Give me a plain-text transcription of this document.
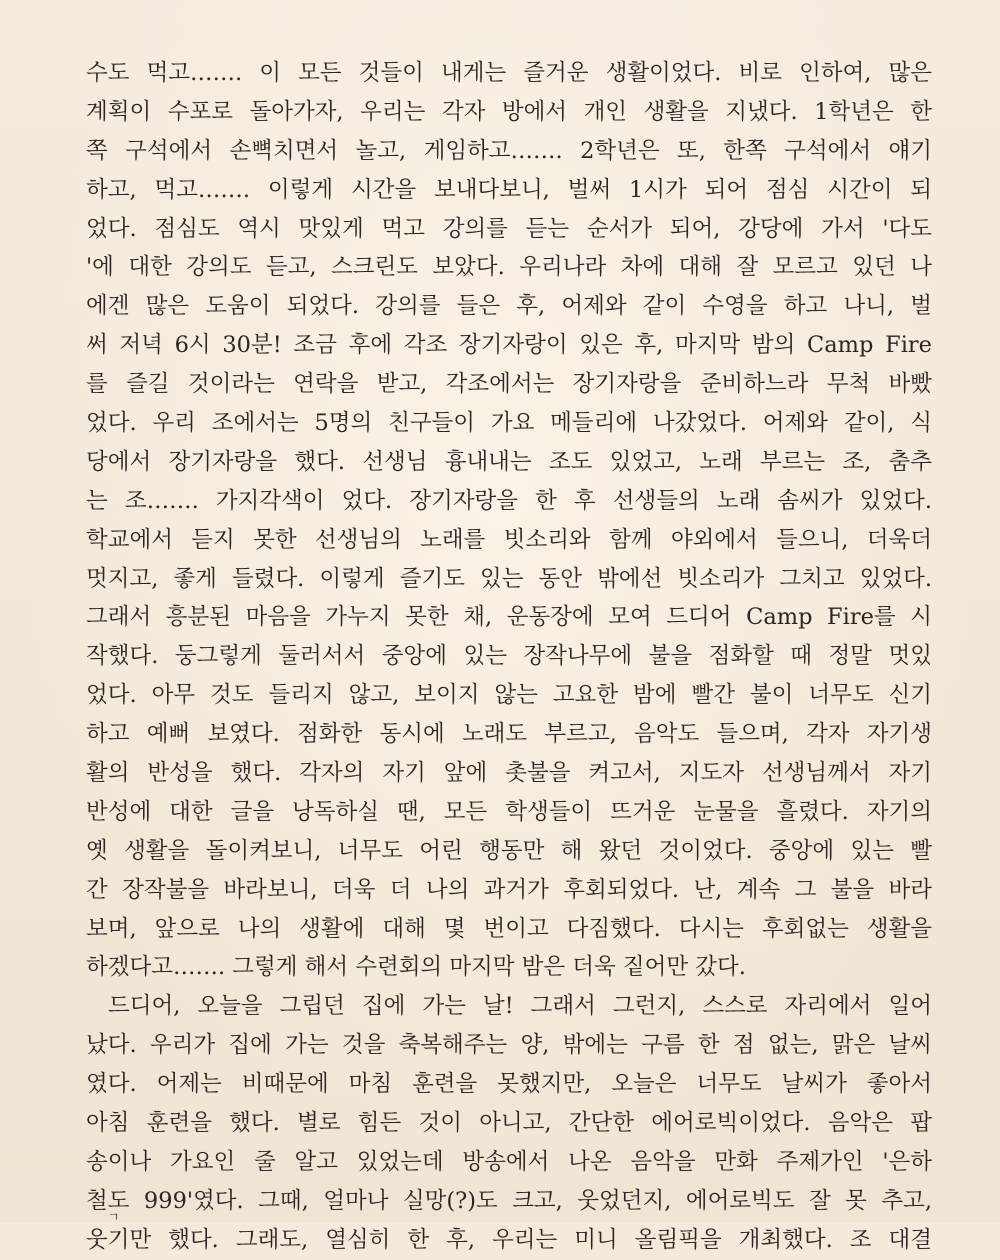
수도 먹고……. 이 모든 것들이 내게는 즐거운 생활이었다. 비로 인하여, 많은
계획이 수포로 돌아가자, 우리는 각자 방에서 개인 생활을 지냈다. 1학년은 한
쪽 구석에서 손뼉치면서 놀고, 게임하고……. 2학년은 또, 한쪽 구석에서 얘기
하고, 먹고……. 이렇게 시간을 보내다보니, 벌써 1시가 되어 점심 시간이 되
었다. 점심도 역시 맛있게 먹고 강의를 듣는 순서가 되어, 강당에 가서 '다도
'에 대한 강의도 듣고, 스크린도 보았다. 우리나라 차에 대해 잘 모르고 있던 나
에겐 많은 도움이 되었다. 강의를 들은 후, 어제와 같이 수영을 하고 나니, 벌
써 저녁 6시 30분! 조금 후에 각조 장기자랑이 있은 후, 마지막 밤의 Camp Fire
를 즐길 것이라는 연락을 받고, 각조에서는 장기자랑을 준비하느라 무척 바빴
었다. 우리 조에서는 5명의 친구들이 가요 메들리에 나갔었다. 어제와 같이, 식
당에서 장기자랑을 했다. 선생님 흉내내는 조도 있었고, 노래 부르는 조, 춤추
는 조……. 가지각색이 었다. 장기자랑을 한 후 선생들의 노래 솜씨가 있었다.
학교에서 듣지 못한 선생님의 노래를 빗소리와 함께 야외에서 들으니, 더욱더
멋지고, 좋게 들렸다. 이렇게 즐기도 있는 동안 밖에선 빗소리가 그치고 있었다.
그래서 흥분된 마음을 가누지 못한 채, 운동장에 모여 드디어 Camp Fire를 시
작했다. 둥그렇게 둘러서서 중앙에 있는 장작나무에 불을 점화할 때 정말 멋있
었다. 아무 것도 들리지 않고, 보이지 않는 고요한 밤에 빨간 불이 너무도 신기
하고 예뻐 보였다. 점화한 동시에 노래도 부르고, 음악도 들으며, 각자 자기생
활의 반성을 했다. 각자의 자기 앞에 촛불을 켜고서, 지도자 선생님께서 자기
반성에 대한 글을 낭독하실 땐, 모든 학생들이 뜨거운 눈물을 흘렸다. 자기의
옛 생활을 돌이켜보니, 너무도 어린 행동만 해 왔던 것이었다. 중앙에 있는 빨
간 장작불을 바라보니, 더욱 더 나의 과거가 후회되었다. 난, 계속 그 불을 바라
보며, 앞으로 나의 생활에 대해 몇 번이고 다짐했다. 다시는 후회없는 생활을
하겠다고……. 그렇게 해서 수련회의 마지막 밤은 더욱 짙어만 갔다.
드디어, 오늘을 그립던 집에 가는 날! 그래서 그런지, 스스로 자리에서 일어
났다. 우리가 집에 가는 것을 축복해주는 양, 밖에는 구름 한 점 없는, 맑은 날씨
였다. 어제는 비때문에 마침 훈련을 못했지만, 오늘은 너무도 날씨가 좋아서
아침 훈련을 했다. 별로 힘든 것이 아니고, 간단한 에어로빅이었다. 음악은 팝
송이나 가요인 줄 알고 있었는데 방송에서 나온 음악을 만화 주제가인 '은하
철도 999'였다. 그때, 얼마나 실망(?)도 크고, 웃었던지, 에어로빅도 잘 못 추고,
웃기만 했다. 그래도, 열심히 한 후, 우리는 미니 올림픽을 개최했다. 조 대결
ㄱ
